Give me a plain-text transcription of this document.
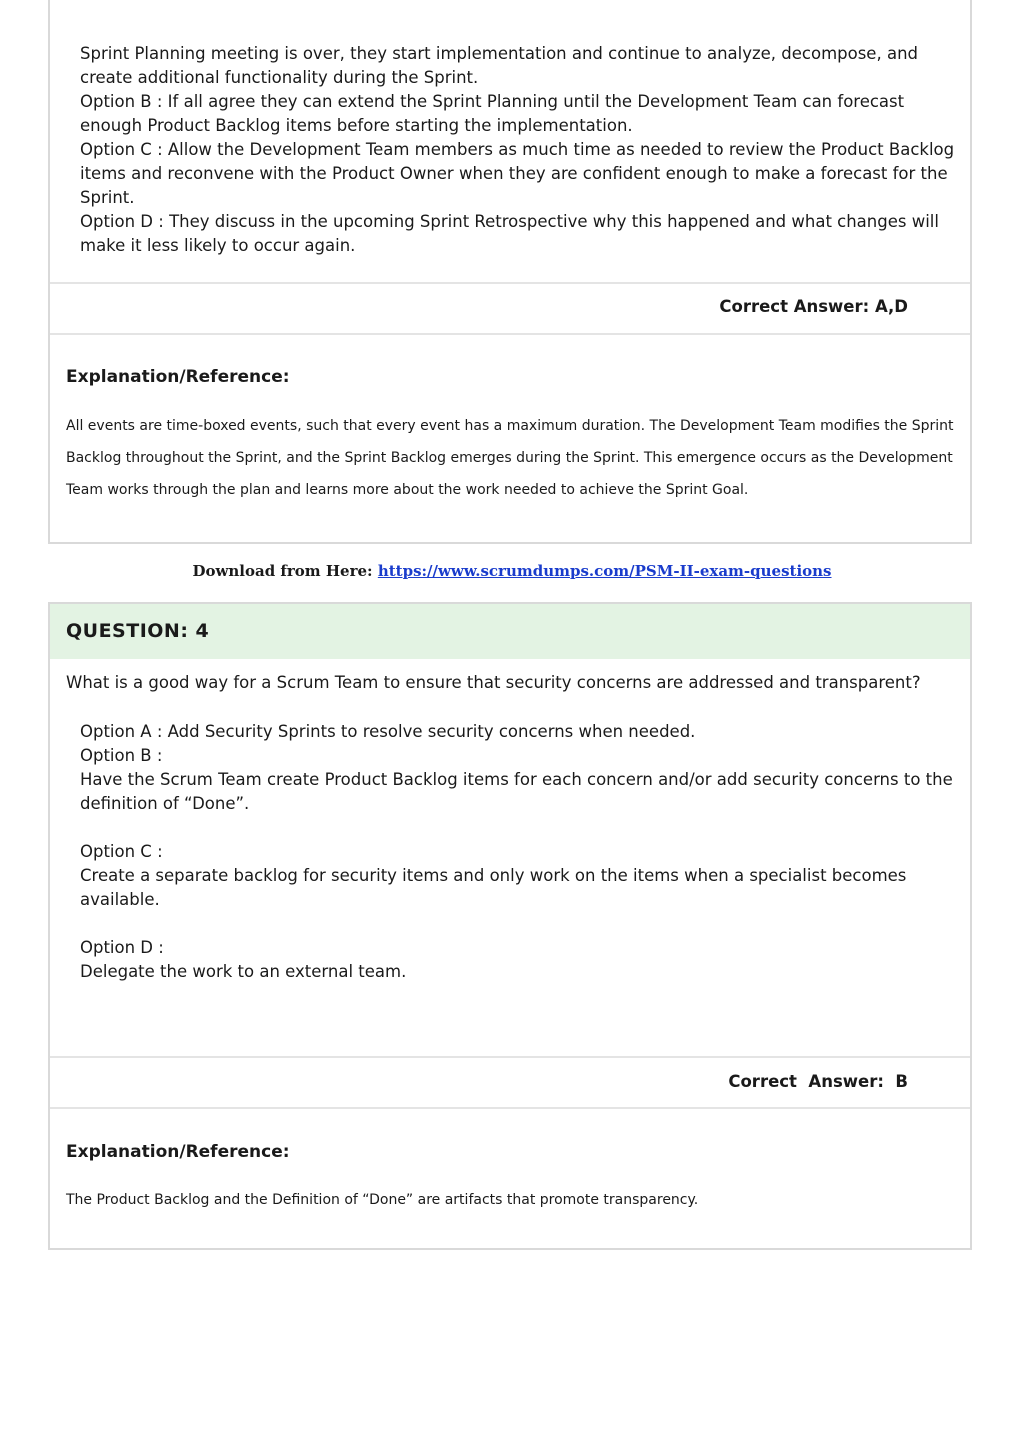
Sprint Planning meeting is over, they start implementation and continue to analyze, decompose, and

create additional functionality during the Sprint.

Option B : If all agree they can extend the Sprint Planning until the Development Team can forecast

enough Product Backlog items before starting the implementation.

Option C : Allow the Development Team members as much time as needed to review the Product Backlog

items and reconvene with the Product Owner when they are confident enough to make a forecast for the

Sprint.

Option D : They discuss in the upcoming Sprint Retrospective why this happened and what changes will

make it less likely to occur again.

Correct Answer: A,D
Explanation/Reference:
All events are time-boxed events, such that every event has a maximum duration. The Development Team modifies the Sprint Backlog throughout the Sprint, and the Sprint Backlog emerges during the Sprint. This emergence occurs as the Development Team works through the plan and learns more about the work needed to achieve the Sprint Goal.
Download from Here: https://www.scrumdumps.com/PSM-II-exam-questions
QUESTION: 4
What is a good way for a Scrum Team to ensure that security concerns are addressed and transparent?

Option A : Add Security Sprints to resolve security concerns when needed.

Option B :

Have the Scrum Team create Product Backlog items for each concern and/or add security concerns to the definition of “Done”.

Option C :

Create a separate backlog for security items and only work on the items when a specialist becomes available.

Option D :

Delegate the work to an external team.

Correct  Answer:  B
Explanation/Reference:
The Product Backlog and the Definition of “Done” are artifacts that promote transparency.
